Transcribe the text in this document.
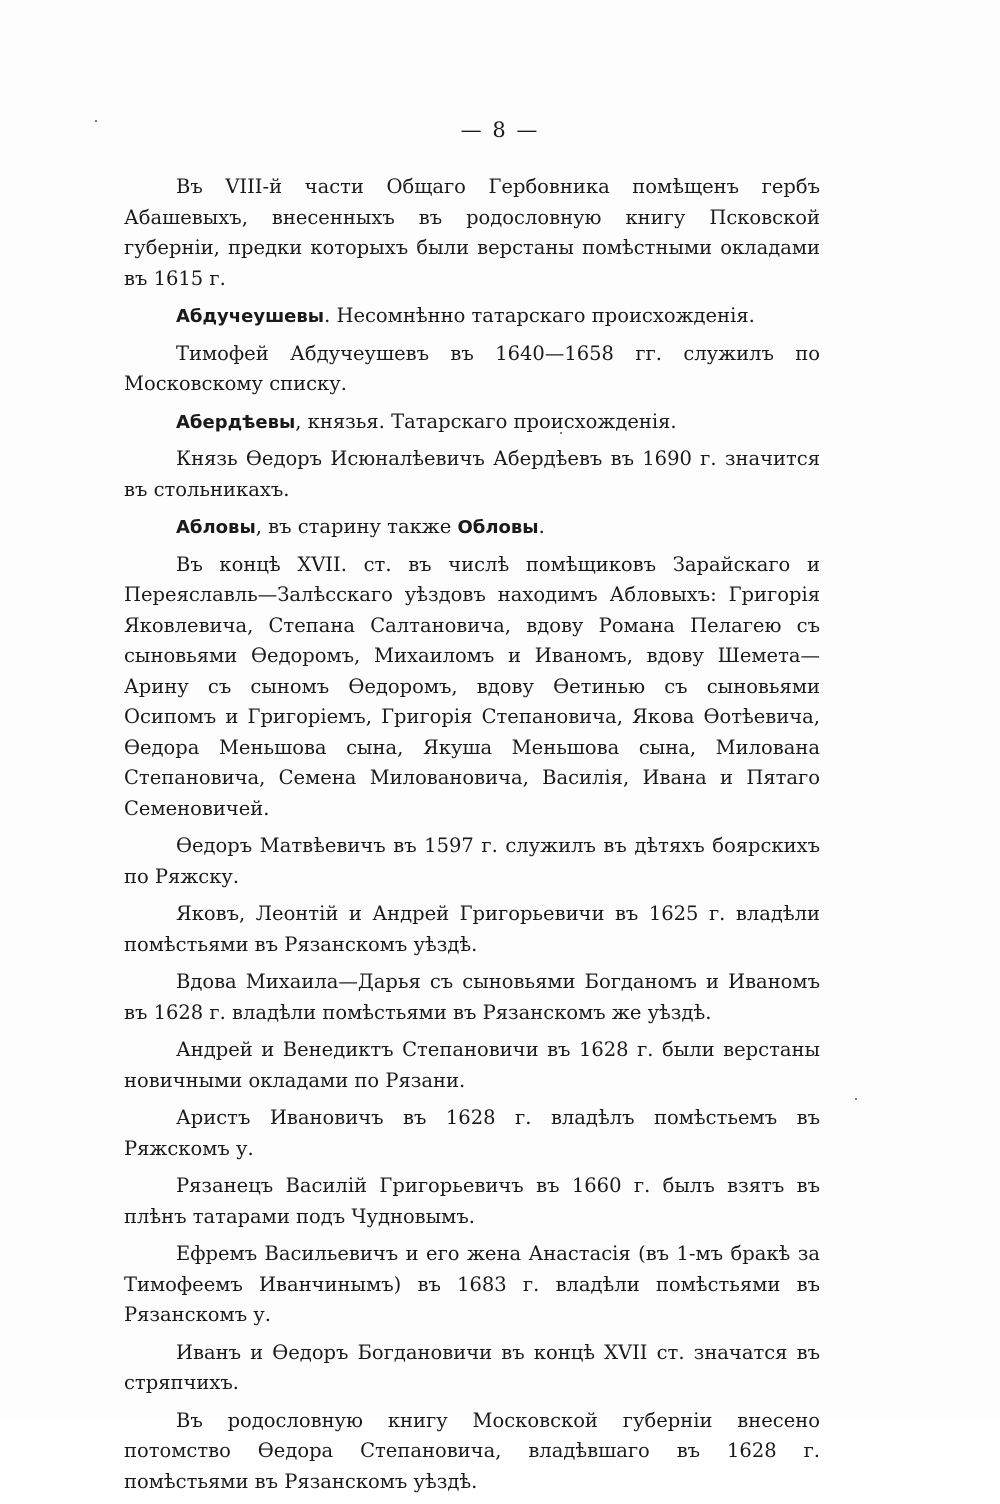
— 8 —

Въ VIII-й части Общаго Гербовника помѣщенъ гербъ Абашевыхъ, внесенныхъ въ родословную книгу Псковской губерніи, предки которыхъ были верстаны помѣстными окладами въ 1615 г.

Абдучеушевы. Несомнѣнно татарскаго происхожденія.

Тимофей Абдучеушевъ въ 1640—1658 гг. служилъ по Московскому списку.

Абердѣевы, князья. Татарскаго происхожденія.

Князь Ѳедоръ Исюналѣевичъ Абердѣевъ въ 1690 г. значится въ стольникахъ.

Абловы, въ старину также Обловы.

Въ концѣ XVII. ст. въ числѣ помѣщиковъ Зарайскаго и Переяславль—Залѣсскаго уѣздовъ находимъ Абловыхъ: Григорія Яковлевича, Степана Салтановича, вдову Романа Пелагею съ сыновьями Ѳедоромъ, Михаиломъ и Иваномъ, вдову Шемета—Арину съ сыномъ Ѳедоромъ, вдову Ѳетинью съ сыновьями Осипомъ и Григоріемъ, Григорія Степановича, Якова Ѳотѣевича, Ѳедора Меньшова сына, Якуша Меньшова сына, Милована Степановича, Семена Миловановича, Василія, Ивана и Пятаго Семеновичей.

Ѳедоръ Матвѣевичъ въ 1597 г. служилъ въ дѣтяхъ боярскихъ по Ряжску.

Яковъ, Леонтій и Андрей Григорьевичи въ 1625 г. владѣли помѣстьями въ Рязанскомъ уѣздѣ.

Вдова Михаила—Дарья съ сыновьями Богданомъ и Иваномъ въ 1628 г. владѣли помѣстьями въ Рязанскомъ же уѣздѣ.

Андрей и Венедиктъ Степановичи въ 1628 г. были верстаны новичными окладами по Рязани.

Аристъ Ивановичъ въ 1628 г. владѣлъ помѣстьемъ въ Ряжскомъ у.

Рязанецъ Василій Григорьевичъ въ 1660 г. былъ взятъ въ плѣнъ татарами подъ Чудновымъ.

Ефремъ Васильевичъ и его жена Анастасія (въ 1-мъ бракѣ за Тимофеемъ Иванчинымъ) въ 1683 г. владѣли помѣстьями въ Рязанскомъ у.

Иванъ и Ѳедоръ Богдановичи въ концѣ XVII ст. значатся въ стряпчихъ.

Въ родословную книгу Московской губерніи внесено потомство Ѳедора Степановича, владѣвшаго въ 1628 г. помѣстьями въ Рязанскомъ уѣздѣ.
